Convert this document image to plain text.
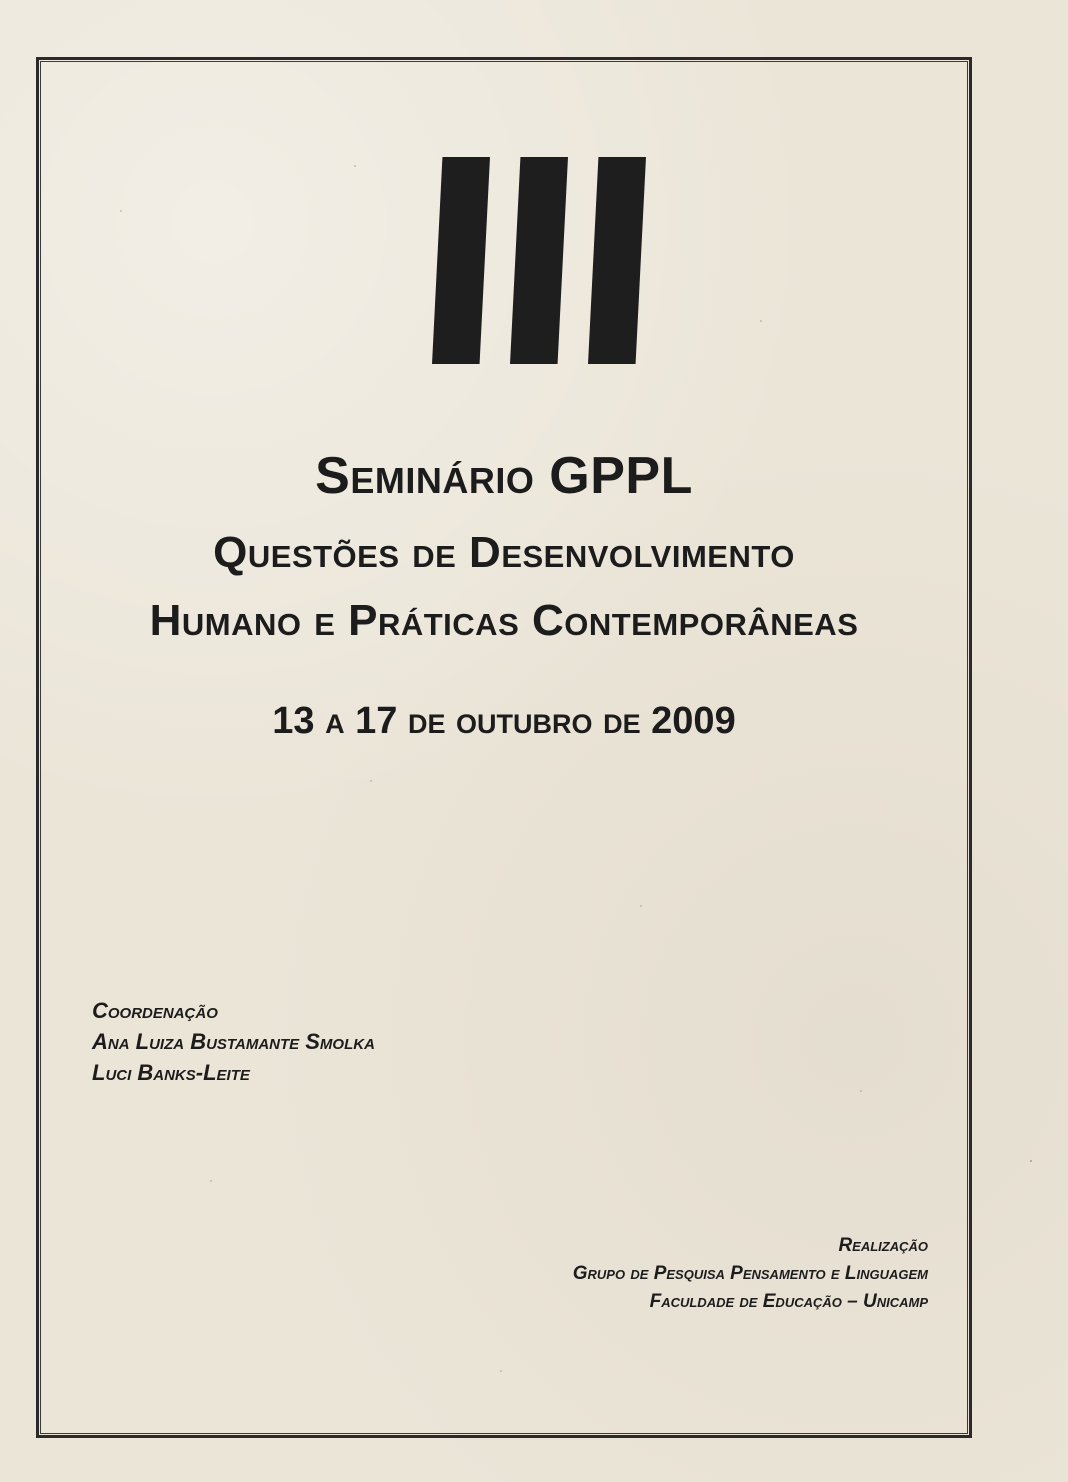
Seminário GPPL
Questões de Desenvolvimento
Humano e Práticas Contemporâneas
13 a 17 de outubro de 2009
Coordenação
Ana Luiza Bustamante Smolka
Luci Banks-Leite
Realização
Grupo de Pesquisa Pensamento e Linguagem
Faculdade de Educação – Unicamp
